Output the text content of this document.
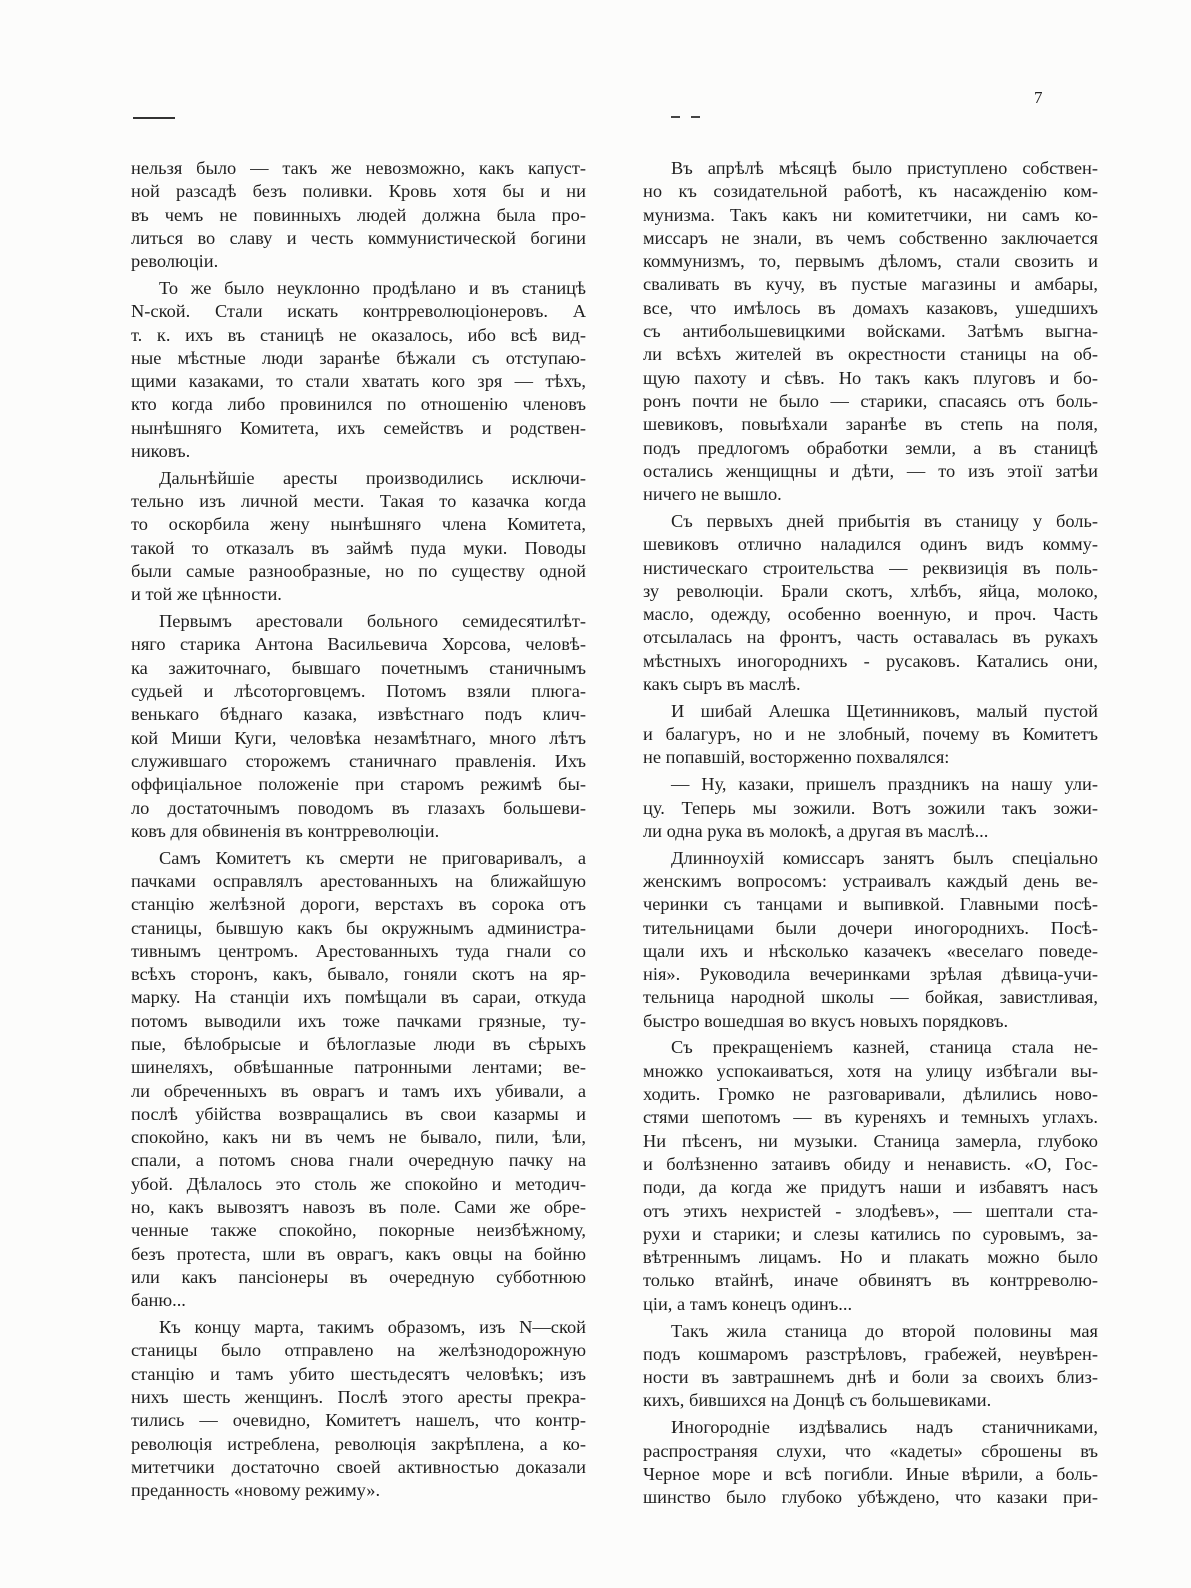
7
нельзя было — такъ же невозможно, какъ капуст-
ной разсадѣ безъ поливки. Кровь хотя бы и ни
въ чемъ не повинныхъ людей должна была про-
литься во славу и честь коммунистической богини
революціи.
То же было неуклонно продѣлано и въ станицѣ
N-ской. Стали искать контрреволюціонеровъ. А
т. к. ихъ въ станицѣ не оказалось, ибо всѣ вид-
ные мѣстные люди заранѣе бѣжали съ отступаю-
щими казаками, то стали хватать кого зря — тѣхъ,
кто когда либо провинился по отношенію членовъ
нынѣшняго Комитета, ихъ семействъ и родствен-
никовъ.
Дальнѣйшіе аресты производились исключи-
тельно изъ личной мести. Такая то казачка когда
то оскорбила жену нынѣшняго члена Комитета,
такой то отказалъ въ займѣ пуда муки. Поводы
были самые разнообразные, но по существу одной
и той же цѣнности.
Первымъ арестовали больного семидесятилѣт-
няго старика Антона Васильевича Хорсова, человѣ-
ка зажиточнаго, бывшаго почетнымъ станичнымъ
судьей и лѣсоторговцемъ. Потомъ взяли плюга-
венькаго бѣднаго казака, извѣстнаго подъ клич-
кой Миши Куги, человѣка незамѣтнаго, много лѣтъ
служившаго сторожемъ станичнаго правленія. Ихъ
оффиціальное положеніе при старомъ режимѣ бы-
ло достаточнымъ поводомъ въ глазахъ большеви-
ковъ для обвиненія въ контрреволюціи.
Самъ Комитетъ къ смерти не приговаривалъ, а
пачками оспрaвлялъ арестованныхъ на ближайшую
станцію желѣзной дороги, верстахъ въ сорока отъ
станицы, бывшую какъ бы окружнымъ администра-
тивнымъ центромъ. Арестованныхъ туда гнали со
всѣхъ сторонъ, какъ, бывало, гоняли скотъ на яр-
марку. На станціи ихъ помѣщали въ сараи, откуда
потомъ выводили ихъ тоже пачками грязные, ту-
пые, бѣлобрысые и бѣлоглазые люди въ сѣрыхъ
шинеляхъ, обвѣшанные патронными лентами; ве-
ли обреченныхъ въ оврагъ и тамъ ихъ убивали, а
послѣ убійства возвращались въ свои казармы и
спокойно, какъ ни въ чемъ не бывало, пили, ѣли,
спали, а потомъ снова гнали очередную пачку на
убой. Дѣлалось это столь же спокойно и методич-
но, какъ вывозятъ навозъ въ поле. Сами же обре-
ченные также спокойно, покорные неизбѣжному,
безъ протеста, шли въ оврагъ, какъ овцы на бойню
или какъ пансіонеры въ очередную субботнюю
баню...
Къ концу марта, такимъ образомъ, изъ N—ской
станицы было отправлено на желѣзнодорожную
станцію и тамъ убито шестьдесятъ человѣкъ; изъ
нихъ шесть женщинъ. Послѣ этого аресты прекра-
тились — очевидно, Комитетъ нашелъ, что контр-
революція истреблена, революція закрѣплена, а ко-
митетчики достаточно своей активностью доказали
преданность «новому режиму».
Въ апрѣлѣ мѣсяцѣ было приступлено собствен-
но къ созидательной работѣ, къ насажденію ком-
мунизма. Такъ какъ ни комитетчики, ни самъ ко-
миссаръ не знали, въ чемъ собственно заключается
коммунизмъ, то, первымъ дѣломъ, стали свозить и
сваливать въ кучу, въ пустые магазины и амбары,
все, что имѣлось въ домахъ казаковъ, ушедшихъ
съ антибольшевицкими войсками. Затѣмъ выгна-
ли всѣхъ жителей въ окрестности станицы на об-
щую пахоту и сѣвъ. Но такъ какъ плуговъ и бо-
ронъ почти не было — старики, спасаясь отъ боль-
шевиковъ, повыѣхали заранѣе въ степь на поля,
подъ предлогомъ обработки земли, а въ станицѣ
остались женщищны и дѣти, — то изъ этоії затѣи
ничего не вышло.
Съ первыхъ дней прибытія въ станицу у боль-
шевиковъ отлично наладился одинъ видъ комму-
нистическаго строительства — реквизиція въ поль-
зу революціи. Брали скотъ, хлѣбъ, яйца, молоко,
масло, одежду, особенно военную, и проч. Часть
отсылалась на фронтъ, часть оставалась въ рукахъ
мѣстныхъ иногороднихъ - русаковъ. Катались они,
какъ сыръ въ маслѣ.
И шибай Алешка Щетинниковъ, малый пустой
и балагуръ, но и не злобный, почему въ Комитетъ
не попавшій, восторженно похвалялся:
— Ну, казаки, пришелъ праздникъ на нашу ули-
цу. Теперь мы зожили. Вотъ зожили такъ зожи-
ли одна рука въ молокѣ, а другая въ маслѣ...
Длинноухій комиссаръ занятъ былъ спеціально
женскимъ вопросомъ: устраивалъ каждый день ве-
черинки съ танцами и выпивкой. Главными посѣ-
тительницами были дочери иногороднихъ. Посѣ-
щали ихъ и нѣсколько казачекъ «веселаго поведе-
нія». Руководила вечеринками зрѣлая дѣвица-учи-
тельница народной школы — бойкая, завистливая,
быстро вошедшая во вкусъ новыхъ порядковъ.
Съ прекращеніемъ казней, станица стала не-
множко успокаиваться, хотя на улицу избѣгали вы-
ходить. Громко не разговаривали, дѣлились ново-
стями шепотомъ — въ куреняхъ и темныхъ углахъ.
Ни пѣсенъ, ни музыки. Станица замерла, глубоко
и болѣзненно затаивъ обиду и ненависть. «О, Гос-
поди, да когда же придутъ наши и избавятъ насъ
отъ этихъ нехристей - злодѣевъ», — шептали ста-
рухи и старики; и слезы катились по суровымъ, за-
вѣтреннымъ лицамъ. Но и плакать можно было
только втайнѣ, иначе обвинятъ въ контрреволю-
ціи, а тамъ конецъ одинъ...
Такъ жила станица до второй половины мая
подъ кошмаромъ разстрѣловъ, грабежей, неувѣрен-
ности въ завтрашнемъ днѣ и боли за своихъ близ-
кихъ, бившихся на Донцѣ съ большевиками.
Иногородніе издѣвались надъ станичниками,
распространяя слухи, что «кадеты» сброшены въ
Черное море и всѣ погибли. Иные вѣрили, а боль-
шинство было глубоко убѣждено, что казаки при-
